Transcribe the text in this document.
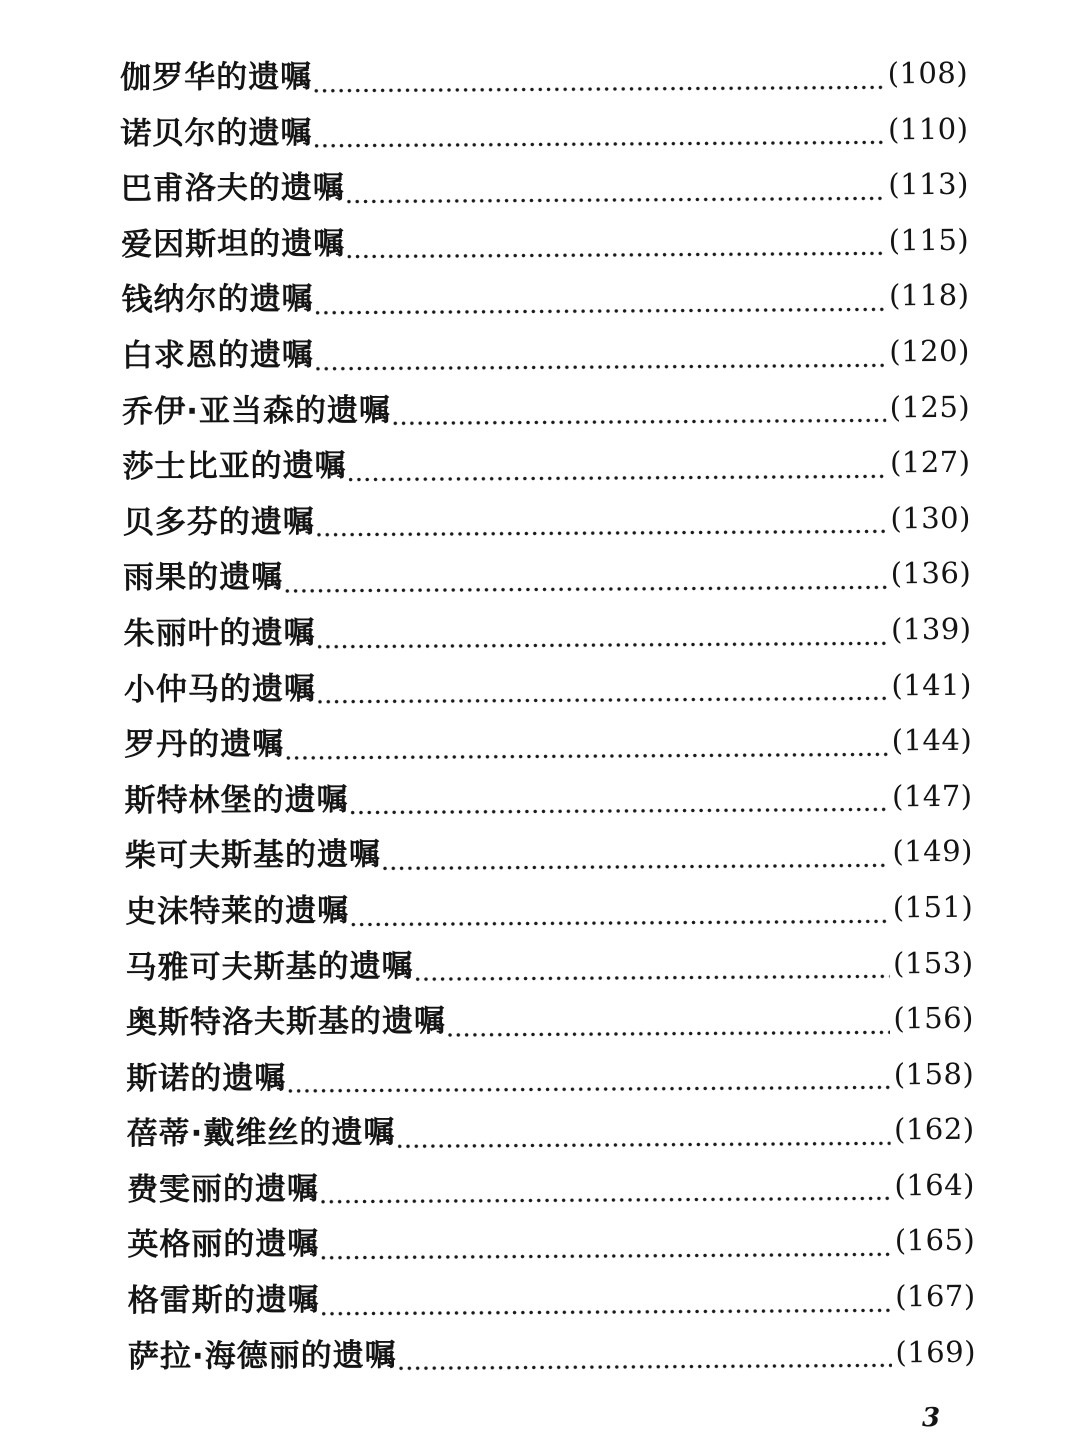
伽罗华的遗嘱	(108)
诺贝尔的遗嘱	(110)
巴甫洛夫的遗嘱	(113)
爱因斯坦的遗嘱	(115)
钱纳尔的遗嘱	(118)
白求恩的遗嘱	(120)
乔伊·亚当森的遗嘱	(125)
莎士比亚的遗嘱	(127)
贝多芬的遗嘱	(130)
雨果的遗嘱	(136)
朱丽叶的遗嘱	(139)
小仲马的遗嘱	(141)
罗丹的遗嘱	(144)
斯特林堡的遗嘱	(147)
柴可夫斯基的遗嘱	(149)
史沫特莱的遗嘱	(151)
马雅可夫斯基的遗嘱	(153)
奥斯特洛夫斯基的遗嘱	(156)
斯诺的遗嘱	(158)
蓓蒂·戴维丝的遗嘱	(162)
费雯丽的遗嘱	(164)
英格丽的遗嘱	(165)
格雷斯的遗嘱	(167)
萨拉·海德丽的遗嘱	(169)
3
